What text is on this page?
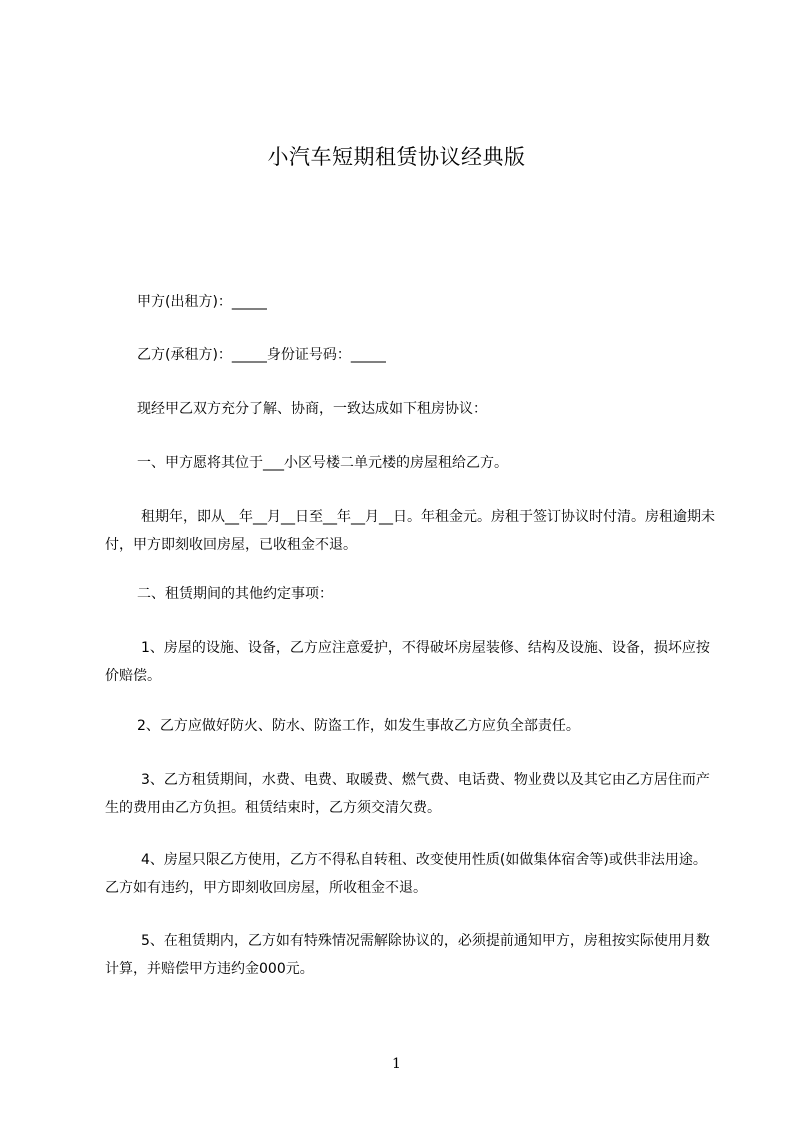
小汽车短期租赁协议经典版
甲方(出租方)：_____
乙方(承租方)：_____身份证号码：_____
现经甲乙双方充分了解、协商，一致达成如下租房协议：
一、甲方愿将其位于___小区号楼二单元楼的房屋租给乙方。
租期年，即从__年__月__日至__年__月__日。年租金元。房租于签订协议时付清。房租逾期未付，甲方即刻收回房屋，已收租金不退。
二、租赁期间的其他约定事项：
1、房屋的设施、设备，乙方应注意爱护，不得破坏房屋装修、结构及设施、设备，损坏应按价赔偿。
2、乙方应做好防火、防水、防盗工作，如发生事故乙方应负全部责任。
3、乙方租赁期间，水费、电费、取暖费、燃气费、电话费、物业费以及其它由乙方居住而产生的费用由乙方负担。租赁结束时，乙方须交清欠费。
4、房屋只限乙方使用，乙方不得私自转租、改变使用性质(如做集体宿舍等)或供非法用途。乙方如有违约，甲方即刻收回房屋，所收租金不退。
5、在租赁期内，乙方如有特殊情况需解除协议的，必须提前通知甲方，房租按实际使用月数计算，并赔偿甲方违约金000元。
1
